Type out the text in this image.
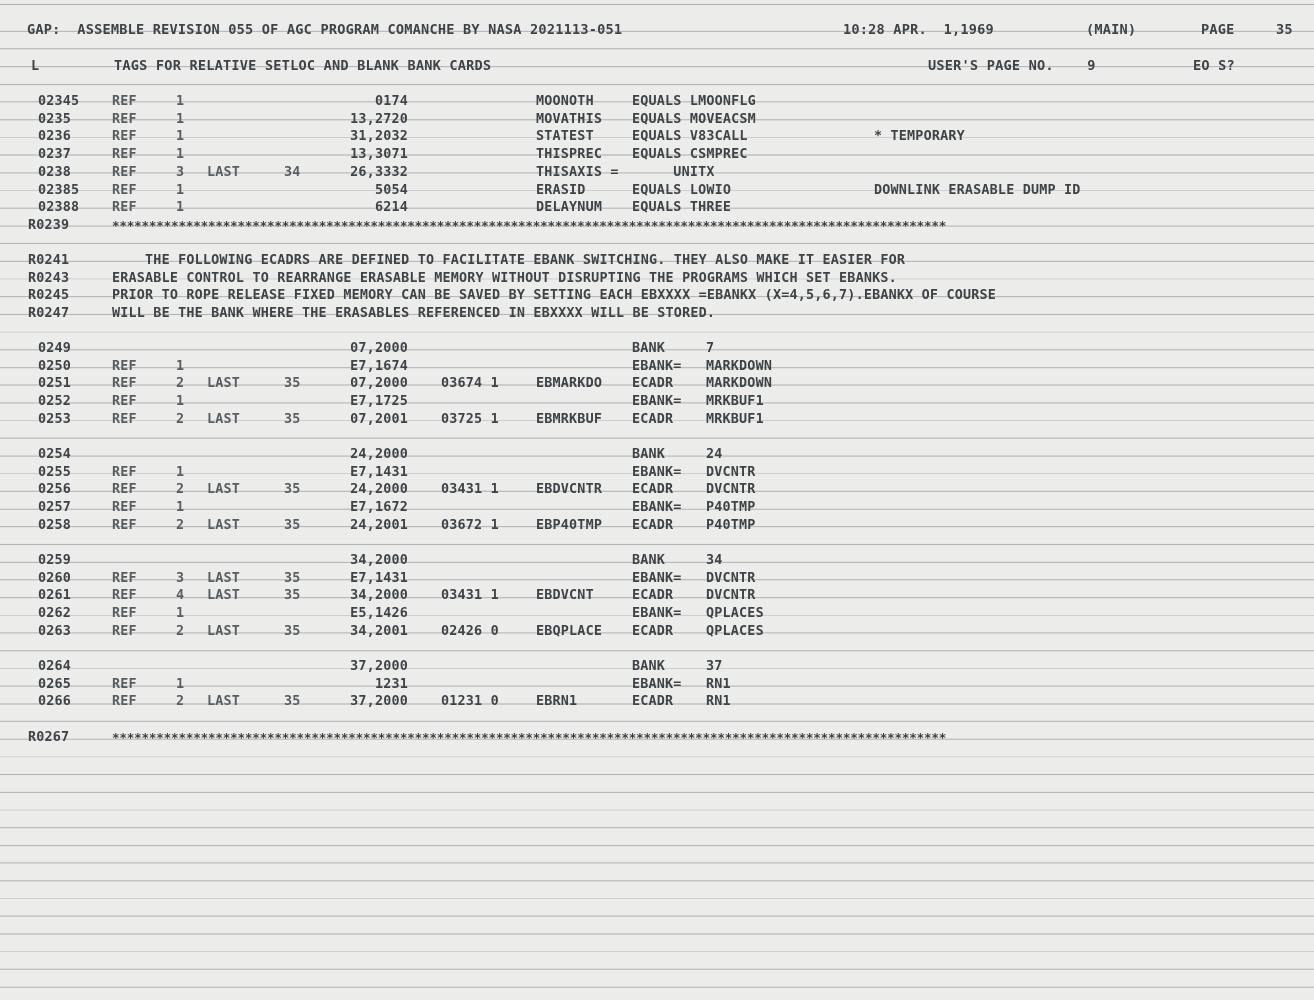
GAP:  ASSEMBLE REVISION 055 OF AGC PROGRAM COMANCHE BY NASA 2021113-051	10:28 APR.  1,1969	(MAIN)	PAGE	35
L	TAGS FOR RELATIVE SETLOC AND BLANK BANK CARDS	USER'S PAGE NO.    9	EO S?
02345 REF	1	0174	MOONOTH	EQUALS LMOONFLG
0235	REF	1	13,2720	MOVATHIS EQUALS MOVEACSM
0236	REF	1	31,2032	STATEST	EQUALS V83CALL	* TEMPORARY
0237	REF	1	13,3071	THISPREC EQUALS CSMPREC
0238	REF	3 LAST	34	26,3332	THISAXIS = UNITX
02385 REF	1	5054	ERASID	EQUALS LOWIO	DOWNLINK ERASABLE DUMP ID
02388 REF	1	6214	DELAYNUM EQUALS THREE
R0239	*****************************************************************************************************************
R0241	THE FOLLOWING ECADRS ARE DEFINED TO FACILITATE EBANK SWITCHING. THEY ALSO MAKE IT EASIER FOR
R0243	ERASABLE CONTROL TO REARRANGE ERASABLE MEMORY WITHOUT DISRUPTING THE PROGRAMS WHICH SET EBANKS.
R0245	PRIOR TO ROPE RELEASE FIXED MEMORY CAN BE SAVED BY SETTING EACH EBXXXX =EBANKX (X=4,5,6,7).EBANKX OF COURSE
R0247	WILL BE THE BANK WHERE THE ERASABLES REFERENCED IN EBXXXX WILL BE STORED.
0249	07,2000	BANK	7
0250	REF	1	E7,1674	EBANK= MARKDOWN
0251	REF	2 LAST	35	07,2000 03674 1	EBMARKDO ECADR MARKDOWN
0252	REF	1	E7,1725	EBANK= MRKBUF1
0253	REF	2 LAST	35	07,2001 03725 1	EBMRKBUF ECADR MRKBUF1
0254	24,2000	BANK	24
0255	REF	1	E7,1431	EBANK= DVCNTR
0256	REF	2 LAST	35	24,2000 03431 1	EBDVCNTR ECADR DVCNTR
0257	REF	1	E7,1672	EBANK= P40TMP
0258	REF	2 LAST	35	24,2001 03672 1	EBP40TMP ECADR P40TMP
0259	34,2000	BANK	34
0260	REF	3 LAST	35	E7,1431	EBANK= DVCNTR
0261	REF	4 LAST	35	34,2000 03431 1	EBDVCNT	ECADR DVCNTR
0262	REF	1	E5,1426	EBANK= QPLACES
0263	REF	2 LAST	35	34,2001 02426 0	EBQPLACE ECADR QPLACES
0264	37,2000	BANK	37
0265	REF	1	1231	EBANK= RN1
0266	REF	2 LAST	35	37,2000 01231 0	EBRN1	ECADR RN1
R0267	*****************************************************************************************************************
